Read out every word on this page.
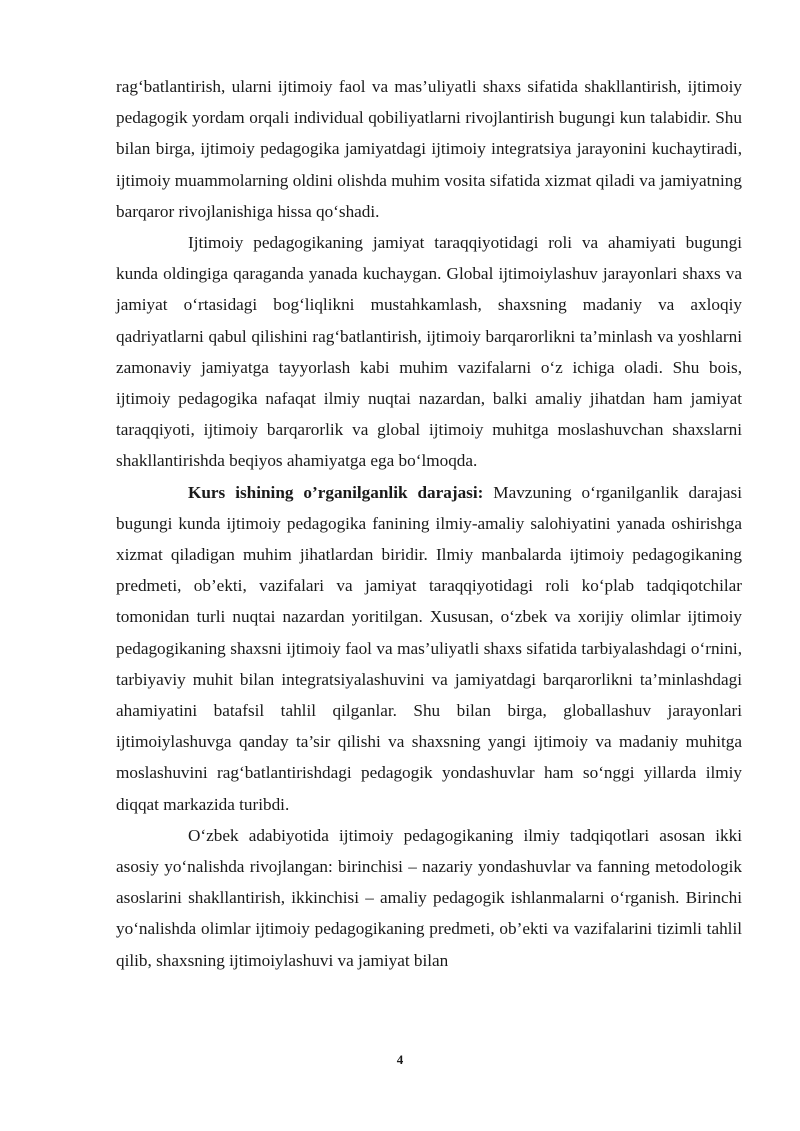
rag‘batlantirish, ularni ijtimoiy faol va mas’uliyatli shaxs sifatida shakllantirish, ijtimoiy pedagogik yordam orqali individual qobiliyatlarni rivojlantirish bugungi kun talabidir. Shu bilan birga, ijtimoiy pedagogika jamiyatdagi ijtimoiy integratsiya jarayonini kuchaytiradi, ijtimoiy muammolarning oldini olishda muhim vosita sifatida xizmat qiladi va jamiyatning barqaror rivojlanishiga hissa qo‘shadi.

Ijtimoiy pedagogikaning jamiyat taraqqiyotidagi roli va ahamiyati bugungi kunda oldingiga qaraganda yanada kuchaygan. Global ijtimoiylashuv jarayonlari shaxs va jamiyat o‘rtasidagi bog‘liqlikni mustahkamlash, shaxsning madaniy va axloqiy qadriyatlarni qabul qilishini rag‘batlantirish, ijtimoiy barqarorlikni ta’minlash va yoshlarni zamonaviy jamiyatga tayyorlash kabi muhim vazifalarni o‘z ichiga oladi. Shu bois, ijtimoiy pedagogika nafaqat ilmiy nuqtai nazardan, balki amaliy jihatdan ham jamiyat taraqqiyoti, ijtimoiy barqarorlik va global ijtimoiy muhitga moslashuvchan shaxslarni shakllantirishda beqiyos ahamiyatga ega bo‘lmoqda.

Kurs ishining o’rganilganlik darajasi: Mavzuning o‘rganilganlik darajasi bugungi kunda ijtimoiy pedagogika fanining ilmiy-amaliy salohiyatini yanada oshirishga xizmat qiladigan muhim jihatlardan biridir. Ilmiy manbalarda ijtimoiy pedagogikaning predmeti, ob’ekti, vazifalari va jamiyat taraqqiyotidagi roli ko‘plab tadqiqotchilar tomonidan turli nuqtai nazardan yoritilgan. Xususan, o‘zbek va xorijiy olimlar ijtimoiy pedagogikaning shaxsni ijtimoiy faol va mas’uliyatli shaxs sifatida tarbiyalashdagi o‘rnini, tarbiyaviy muhit bilan integratsiyalashuvini va jamiyatdagi barqarorlikni ta’minlashdagi ahamiyatini batafsil tahlil qilganlar. Shu bilan birga, globallashuv jarayonlari ijtimoiylashuvga qanday ta’sir qilishi va shaxsning yangi ijtimoiy va madaniy muhitga moslashuvini rag‘batlantirishdagi pedagogik yondashuvlar ham so‘nggi yillarda ilmiy diqqat markazida turibdi.

O‘zbek adabiyotida ijtimoiy pedagogikaning ilmiy tadqiqotlari asosan ikki asosiy yo‘nalishda rivojlangan: birinchisi – nazariy yondashuvlar va fanning metodologik asoslarini shakllantirish, ikkinchisi – amaliy pedagogik ishlanmalarni o‘rganish. Birinchi yo‘nalishda olimlar ijtimoiy pedagogikaning predmeti, ob’ekti va vazifalarini tizimli tahlil qilib, shaxsning ijtimoiylashuvi va jamiyat bilan

4
